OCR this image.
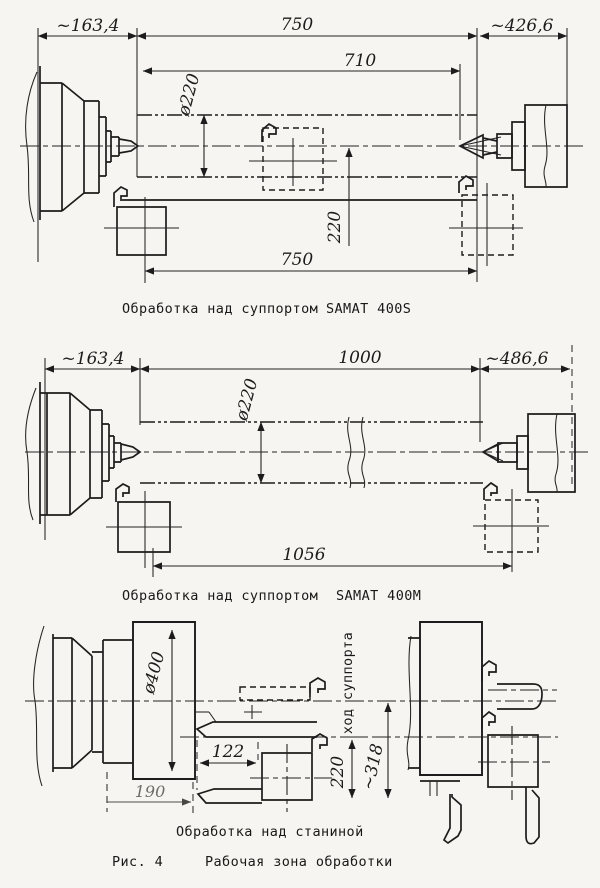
~163,4	750	~426,6
710
ø220
220
750
Обработка над суппортом SAMAT 400S
~163,4	1000	~486,6
ø220
1056
Обработка над суппортом SAMAT 400М
ø400
122
190
ход суппорта
220 ~318
Обработка над станиной
Рис. 4	Рабочая зона обработки
